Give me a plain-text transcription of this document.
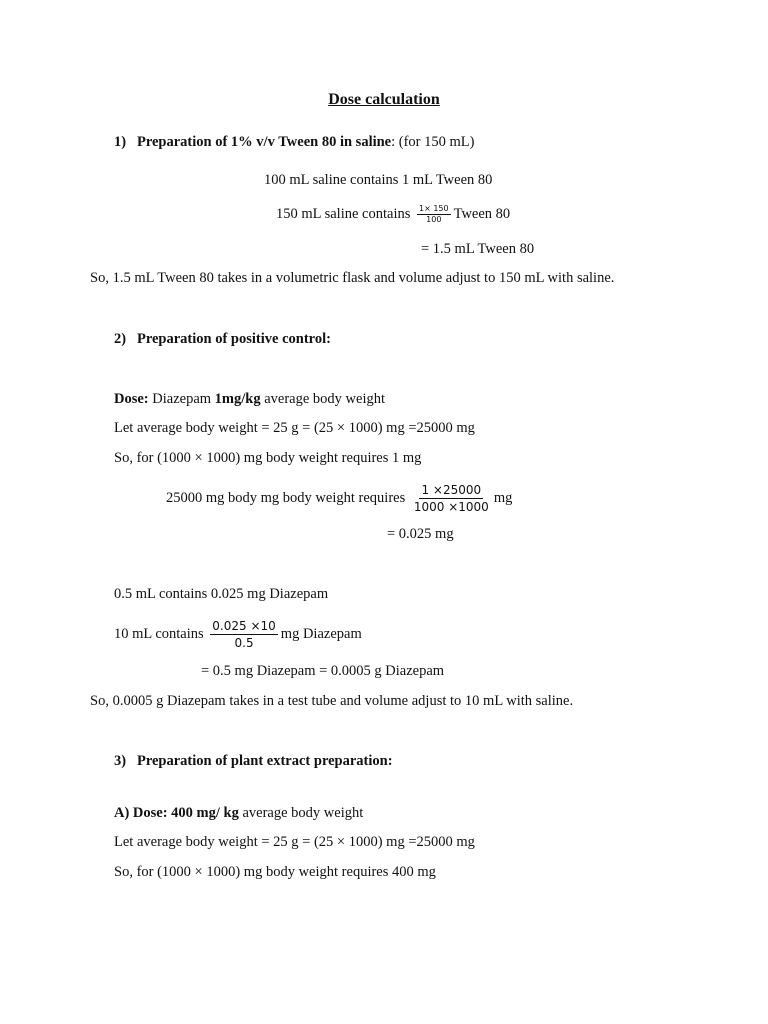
Dose calculation
1) Preparation of 1% v/v Tween 80 in saline: (for 150 mL)
100 mL saline contains 1 mL Tween 80
150 mL saline contains $\frac{1\times 150}{100}$ Tween 80
= 1.5 mL Tween 80
So, 1.5 mL Tween 80 takes in a volumetric flask and volume adjust to 150 mL with saline.
2) Preparation of positive control:
Dose: Diazepam 1mg/kg average body weight
Let average body weight = 25 g = (25 × 1000) mg =25000 mg
So, for (1000 × 1000) mg body weight requires 1 mg
25000 mg body mg body weight requires $\frac{1 \times 25000}{1000 \times 1000}$ mg
= 0.025 mg
0.5 mL contains 0.025 mg Diazepam
10 mL contains $\frac{0.025 \times 10}{0.5}$ mg Diazepam
= 0.5 mg Diazepam = 0.0005 g Diazepam
So, 0.0005 g Diazepam takes in a test tube and volume adjust to 10 mL with saline.
3) Preparation of plant extract preparation:
A) Dose: 400 mg/ kg average body weight
Let average body weight = 25 g = (25 × 1000) mg =25000 mg
So, for (1000 × 1000) mg body weight requires 400 mg
